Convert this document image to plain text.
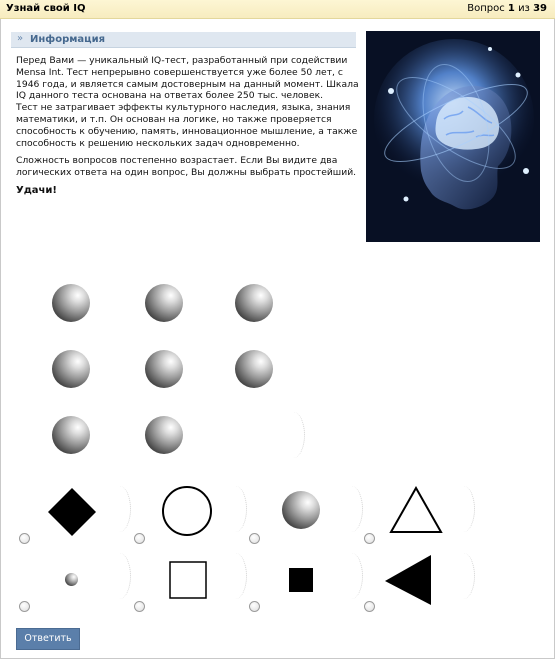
Узнай свой IQ	Вопрос 1 из 39
» Информация

Перед Вами — уникальный IQ-тест, разработанный при содействии Mensa Int. Тест непрерывно совершенствуется уже более 50 лет, с 1946 года, и является самым достоверным на данный момент. Шкала IQ данного теста основана на ответах более 250 тыс. человек.

Тест не затрагивает эффекты культурного наследия, языка, знания математики, и т.п. Он основан на логике, но также проверяется способность к обучению, память, инновационное мышление, а также способность к решению нескольких задач одновременно.

Сложность вопросов постепенно возрастает. Если Вы видите два логических ответа на один вопрос, Вы должны выбрать простейший.

Удачи!

Ответить
